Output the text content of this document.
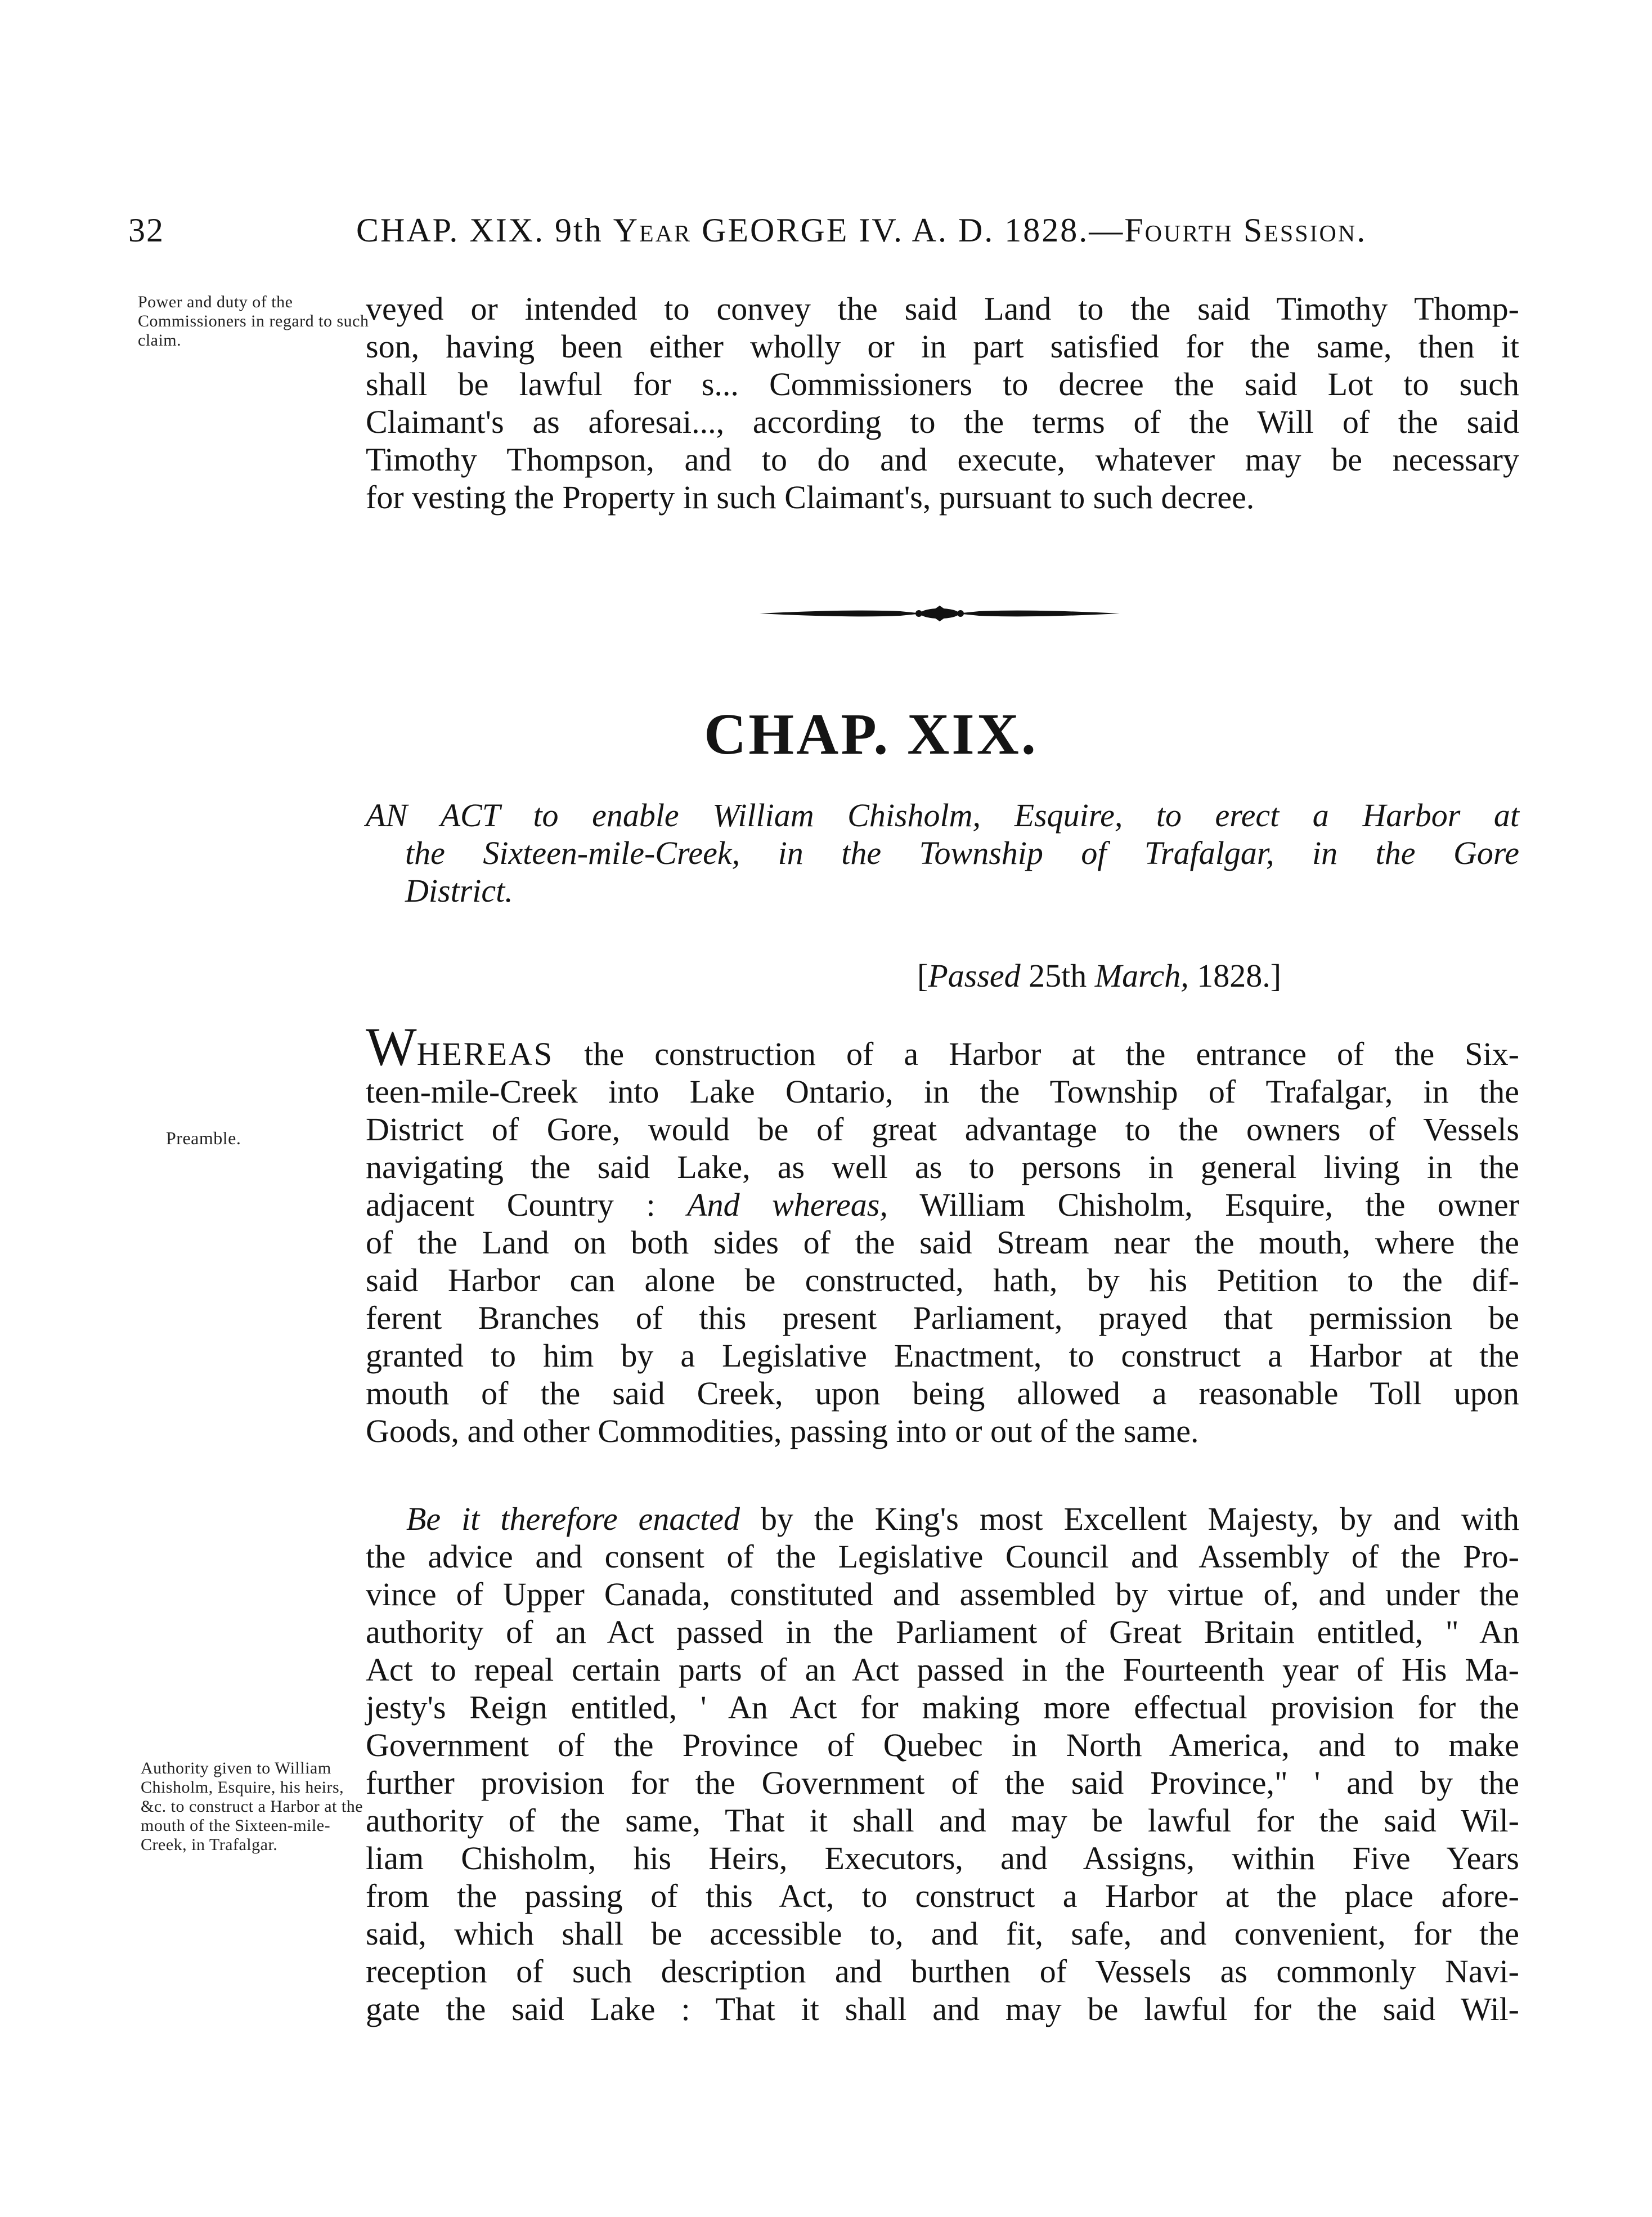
32	CHAP. XIX. 9th Year GEORGE IV. A. D. 1828.—Fourth Session.
Power and duty of the Commissioners in regard to such claim.
veyed or intended to convey the said Land to the said Timothy Thomp-
son, having been either wholly or in part satisfied for the same, then it
shall be lawful for s... Commissioners to decree the said Lot to such
Claimant's as aforesai..., according to the terms of the Will of the said
Timothy Thompson, and to do and execute, whatever may be necessary
for vesting the Property in such Claimant's, pursuant to such decree.
CHAP. XIX.
AN ACT to enable William Chisholm, Esquire, to erect a Harbor at
the Sixteen-mile-Creek, in the Township of Trafalgar, in the Gore
District.
[Passed 25th March, 1828.]
Preamble.
WHEREAS the construction of a Harbor at the entrance of the Six-
teen-mile-Creek into Lake Ontario, in the Township of Trafalgar, in the
District of Gore, would be of great advantage to the owners of Vessels
navigating the said Lake, as well as to persons in general living in the
adjacent Country : And whereas, William Chisholm, Esquire, the owner
of the Land on both sides of the said Stream near the mouth, where the
said Harbor can alone be constructed, hath, by his Petition to the dif-
ferent Branches of this present Parliament, prayed that permission be
granted to him by a Legislative Enactment, to construct a Harbor at the
mouth of the said Creek, upon being allowed a reasonable Toll upon
Goods, and other Commodities, passing into or out of the same.
Be it therefore enacted by the King's most Excellent Majesty, by and with
the advice and consent of the Legislative Council and Assembly of the Pro-
vince of Upper Canada, constituted and assembled by virtue of, and under the
authority of an Act passed in the Parliament of Great Britain entitled, " An
Act to repeal certain parts of an Act passed in the Fourteenth year of His Ma-
jesty's Reign entitled, ' An Act for making more effectual provision for the
Government of the Province of Quebec in North America, and to make
further provision for the Government of the said Province," ' and by the
authority of the same, That it shall and may be lawful for the said Wil-
liam Chisholm, his Heirs, Executors, and Assigns, within Five Years
from the passing of this Act, to construct a Harbor at the place afore-
said, which shall be accessible to, and fit, safe, and convenient, for the
reception of such description and burthen of Vessels as commonly Navi-
gate the said Lake : That it shall and may be lawful for the said Wil-
Authority given to William Chisholm, Esquire, his heirs, &c. to construct a Harbor at the mouth of the Sixteen-mile-Creek, in Trafalgar.
